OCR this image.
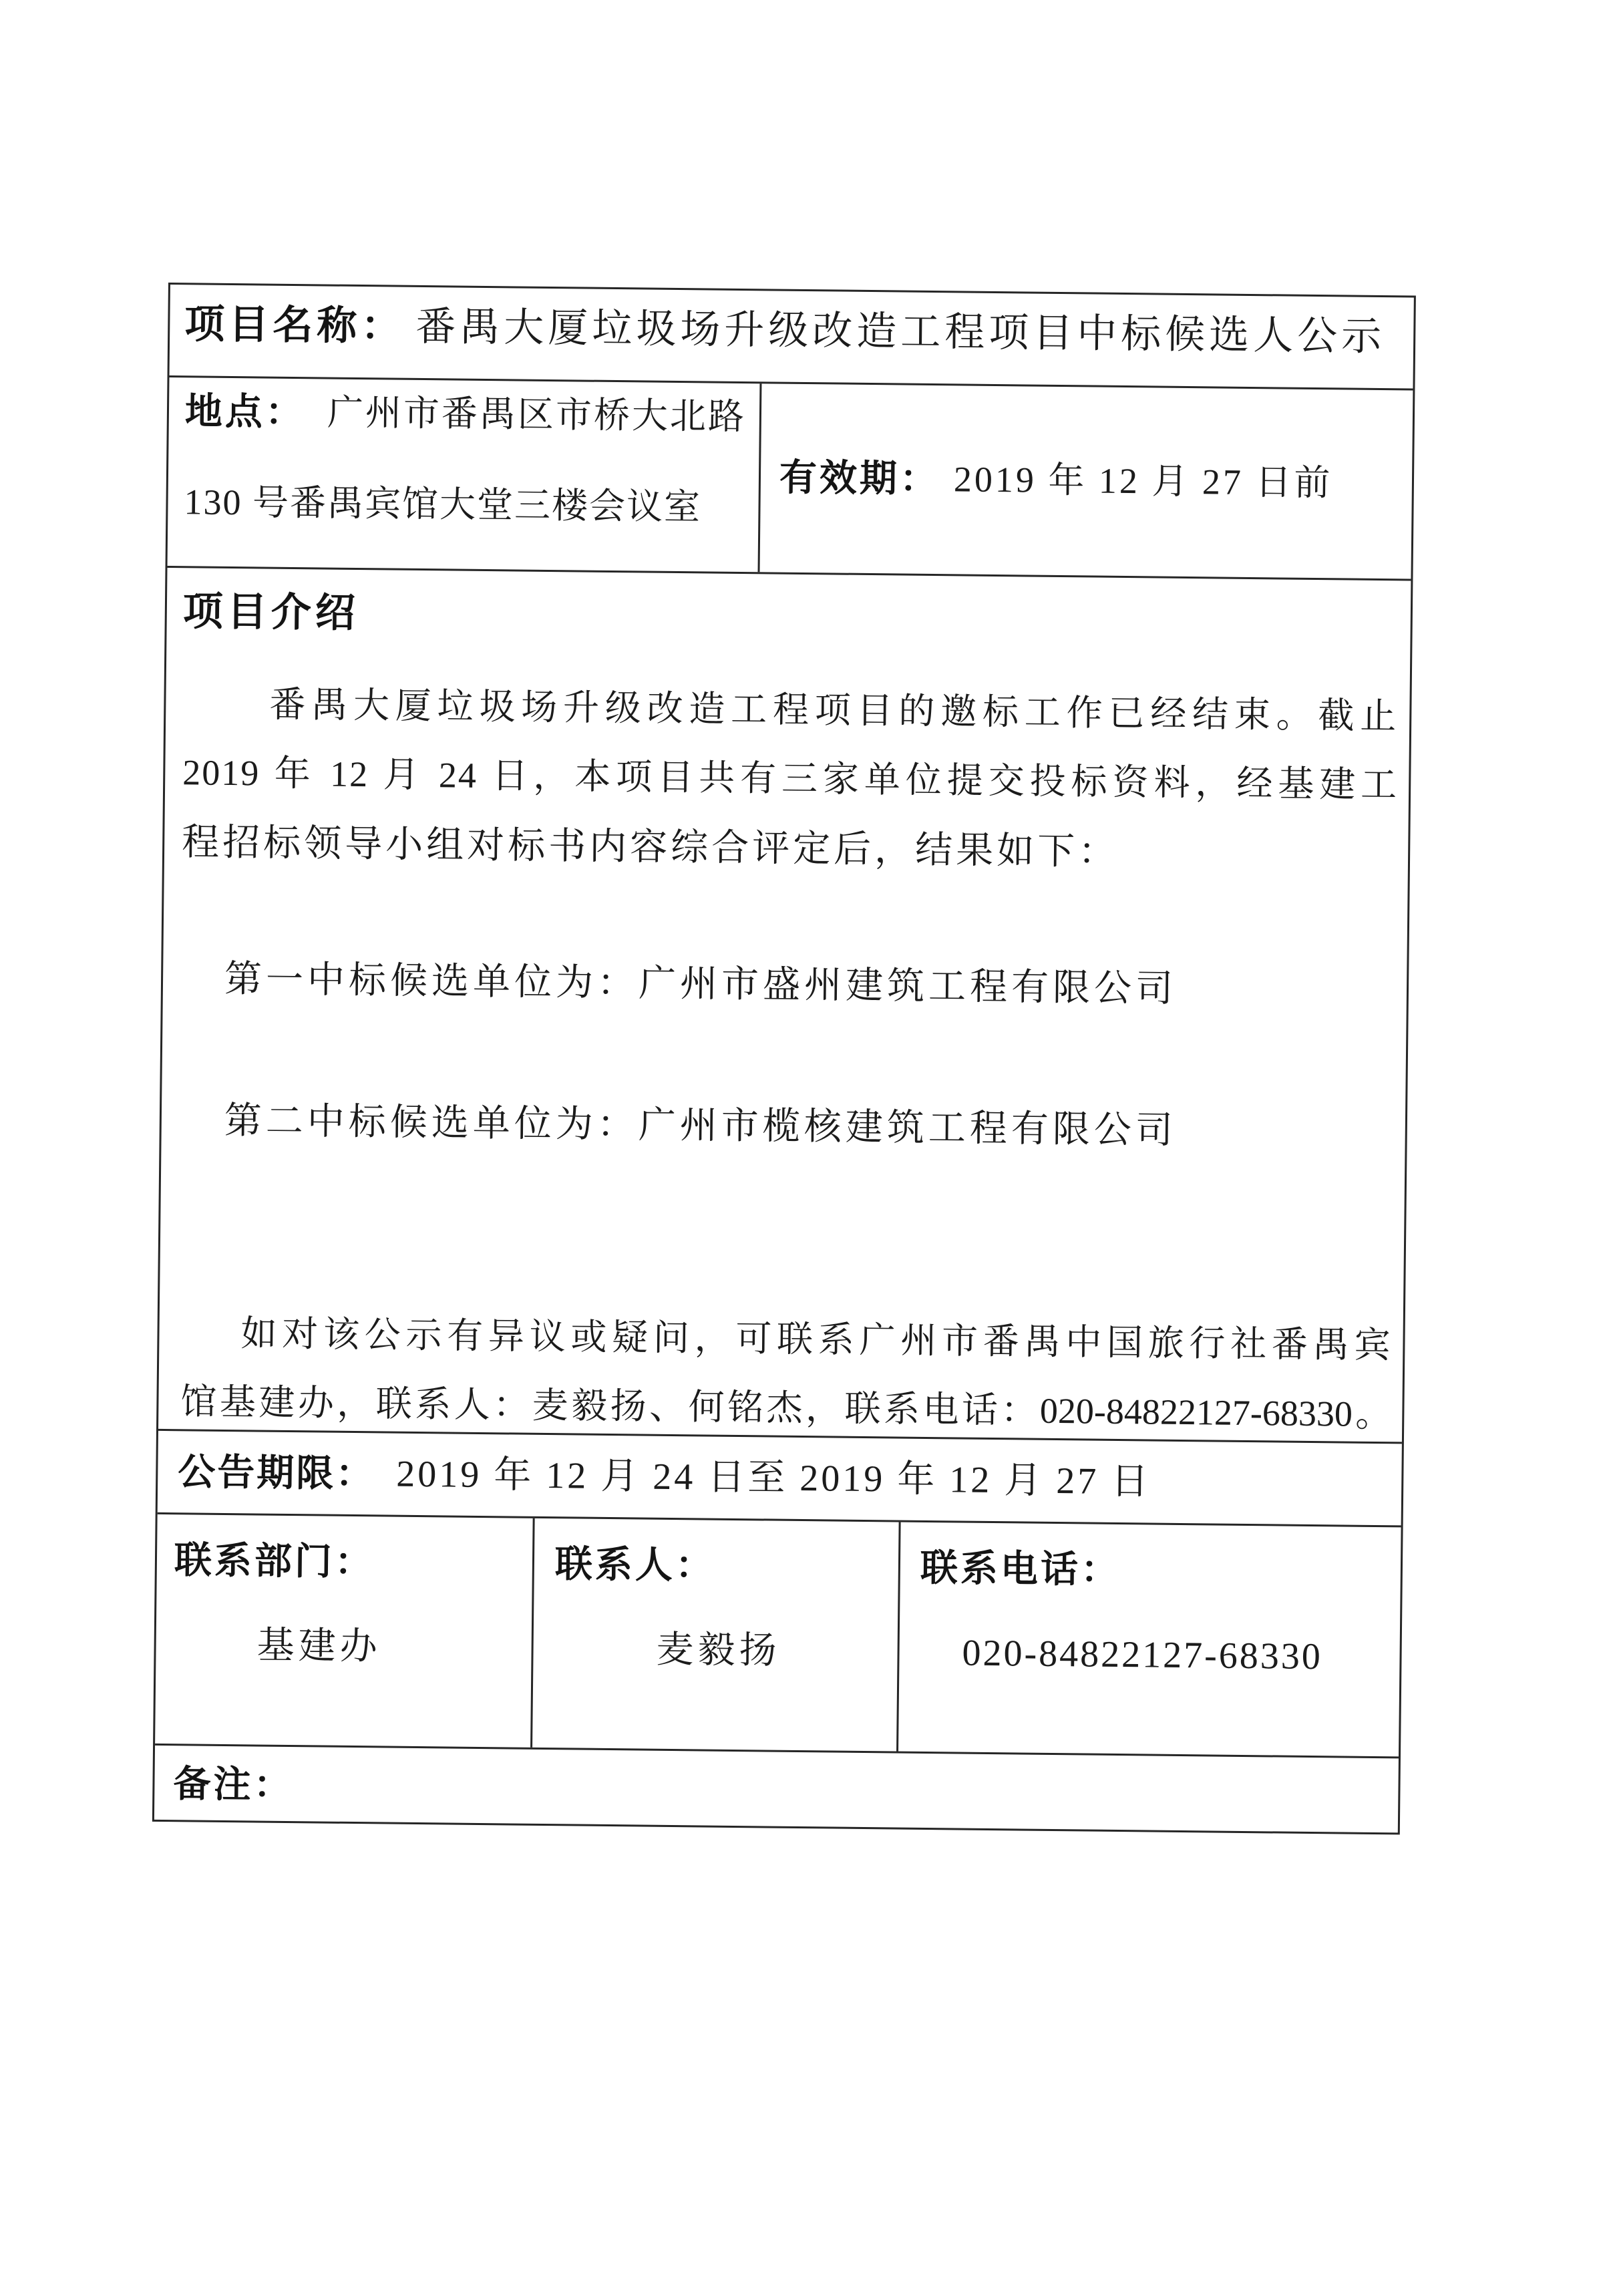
项目名称： 番禺大厦垃圾场升级改造工程项目中标候选人公示
地点： 广州市番禺区市桥大北路
130 号番禺宾馆大堂三楼会议室
有效期： 2019 年 12 月 27 日前
项目介绍
番禺大厦垃圾场升级改造工程项目的邀标工作已经结束。截止
2019 年 12 月 24 日，本项目共有三家单位提交投标资料，经基建工
程招标领导小组对标书内容综合评定后，结果如下：
第一中标候选单位为：广州市盛州建筑工程有限公司
第二中标候选单位为：广州市榄核建筑工程有限公司
如对该公示有异议或疑问，可联系广州市番禺中国旅行社番禺宾
馆基建办，联系人：麦毅扬、何铭杰，联系电话：020-84822127-68330。
公告期限： 2019 年 12 月 24 日至 2019 年 12 月 27 日
联系部门：
基建办
联系人：
麦毅扬
联系电话：
020-84822127-68330
备注：
